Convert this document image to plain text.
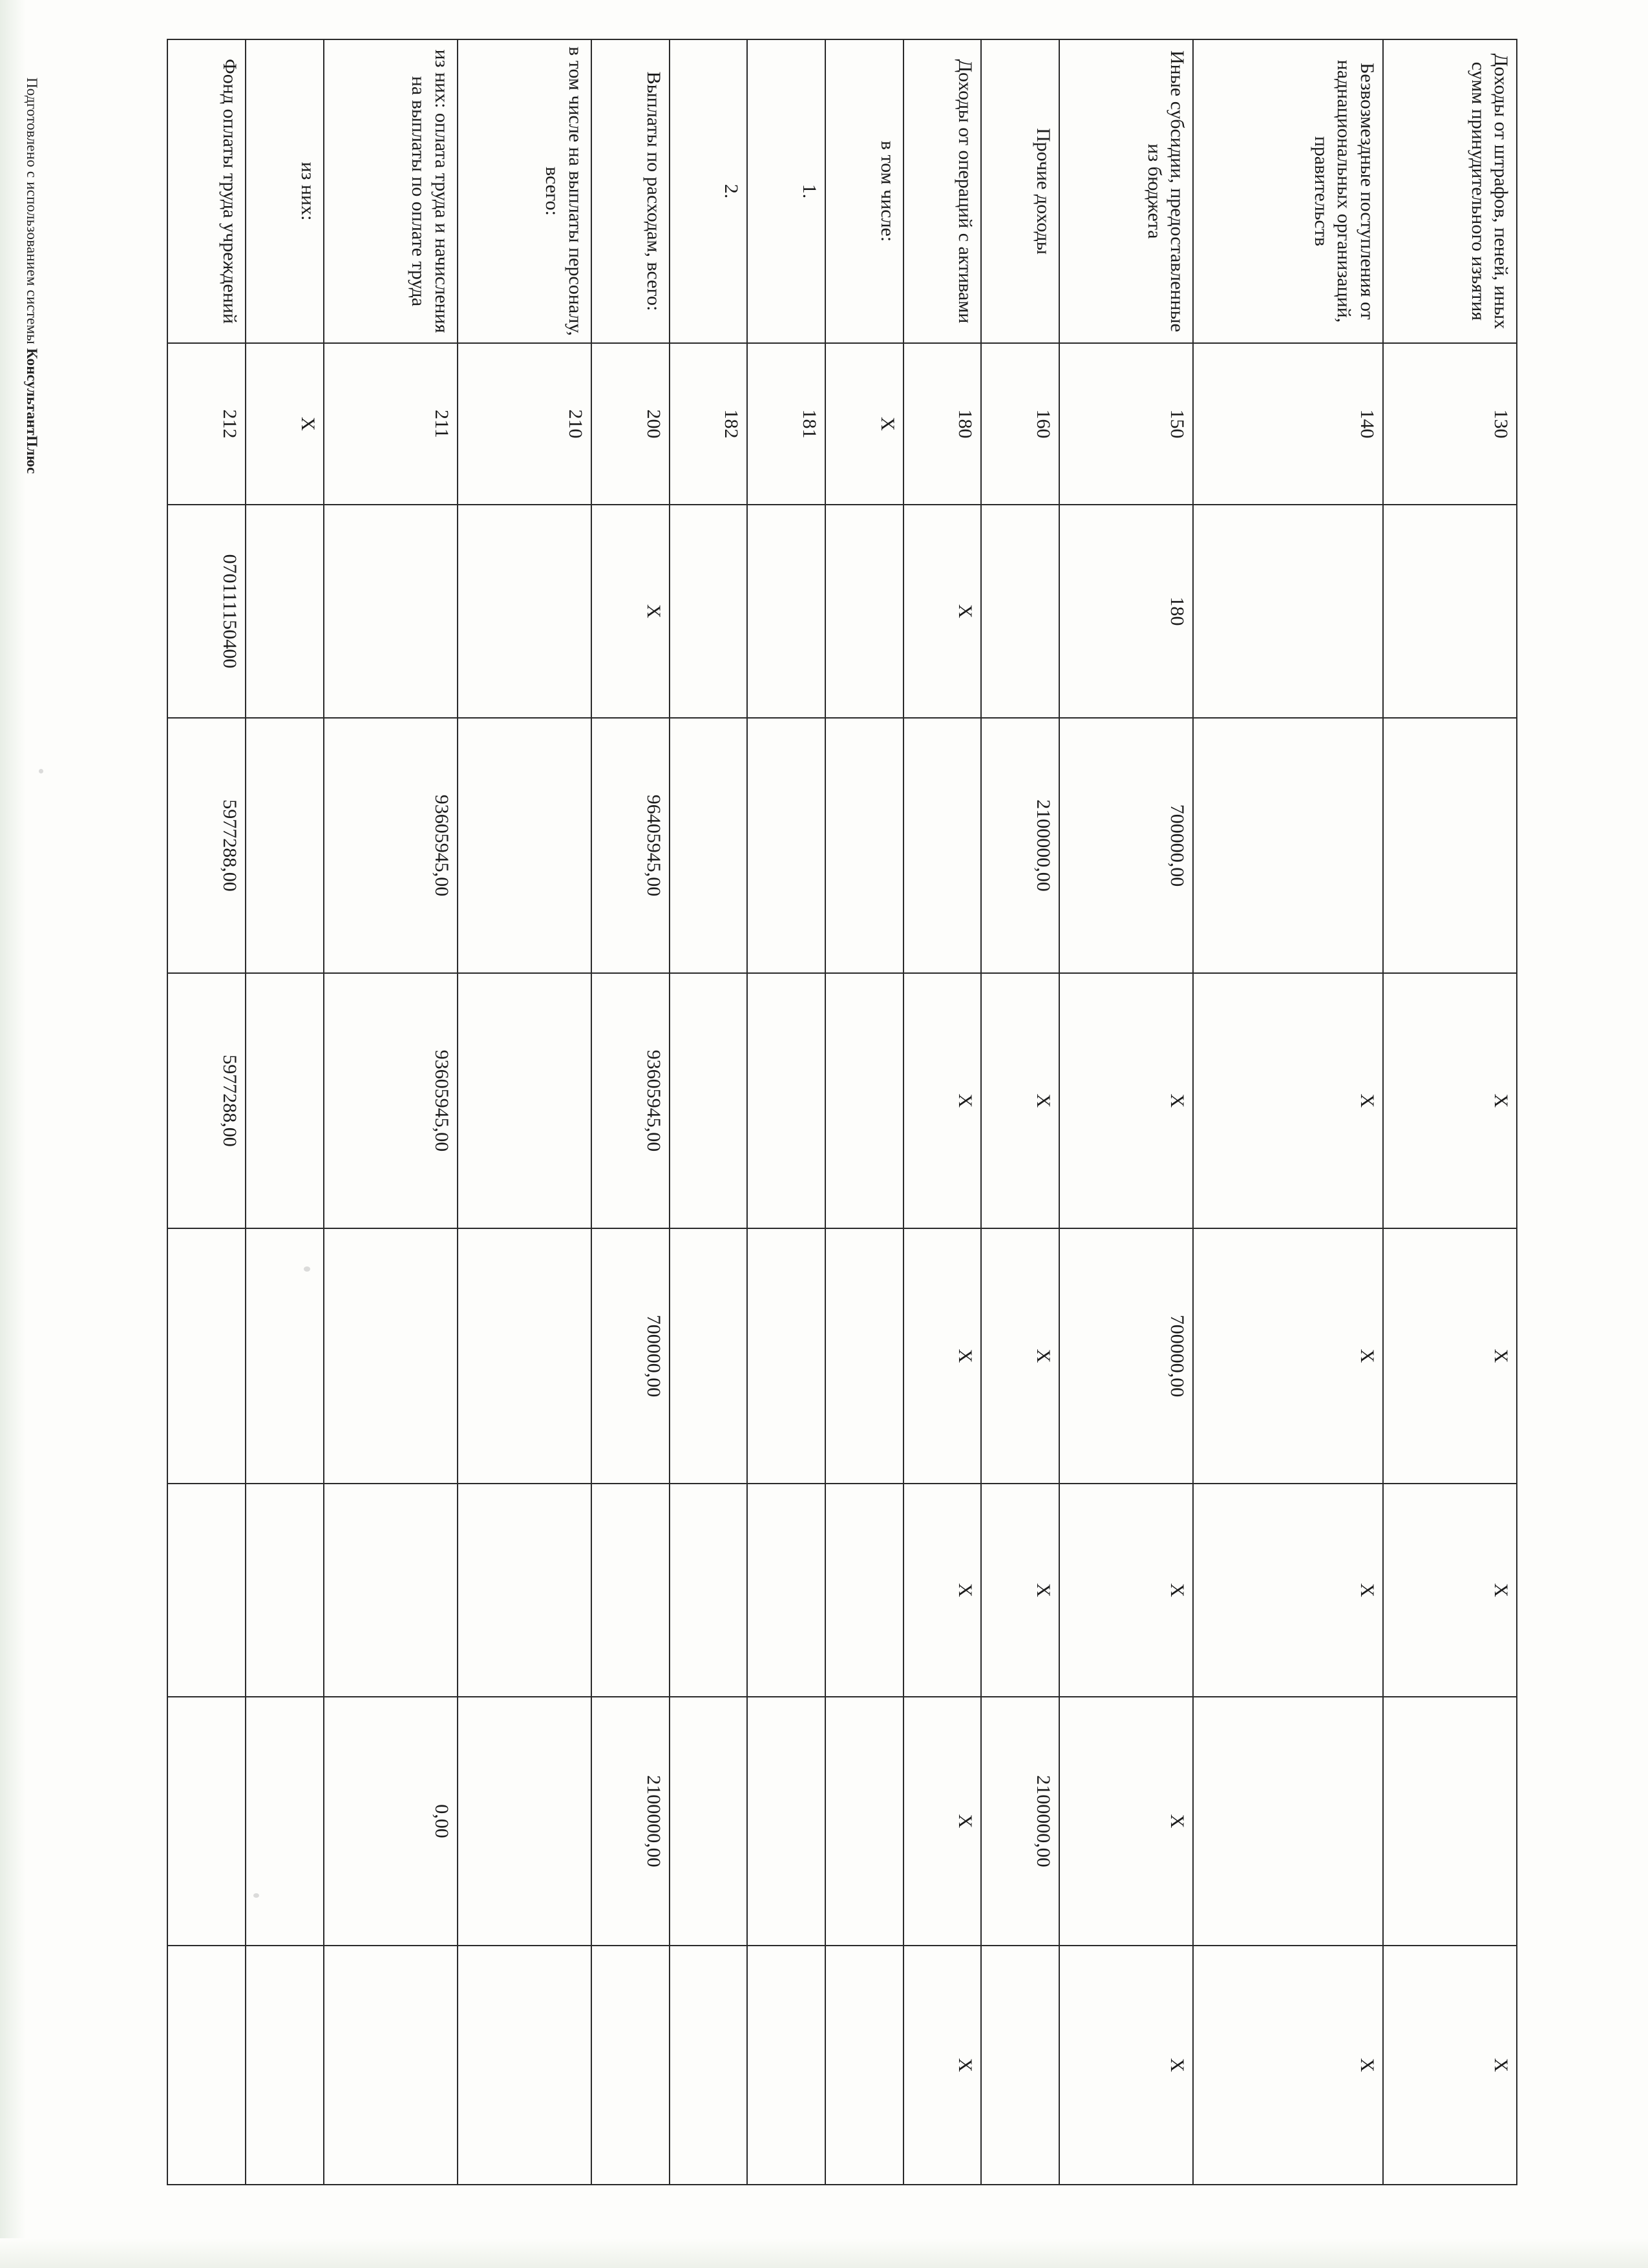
Подготовлено с использованием системы КонсультантПлюс
Доходы от штрафов, пеней, иных сумм принудительного изъятия	130			X	X	X		X
Безвозмездные поступления от наднациональных организаций, правительств	140			X	X	X		X
Иные субсидии, предоставленные из бюджета	150	180	700000,00	X	700000,00	X	X	X
Прочие доходы	160		2100000,00	X	X	X	2100000,00	
Доходы от операций с активами	180	X		X	X	X	X	X
в том числе:	X							
1.	181							
2.	182							
Выплаты по расходам, всего:	200	X	96405945,00	93605945,00	700000,00		2100000,00	
в том числе на выплаты персоналу, всего:	210							
из них: оплата труда и начисления на выплаты по оплате труда	211		93605945,00	93605945,00			0,00	
из них:	X							
Фонд оплаты труда учреждений	212	070111150400	5977288,00	5977288,00				
